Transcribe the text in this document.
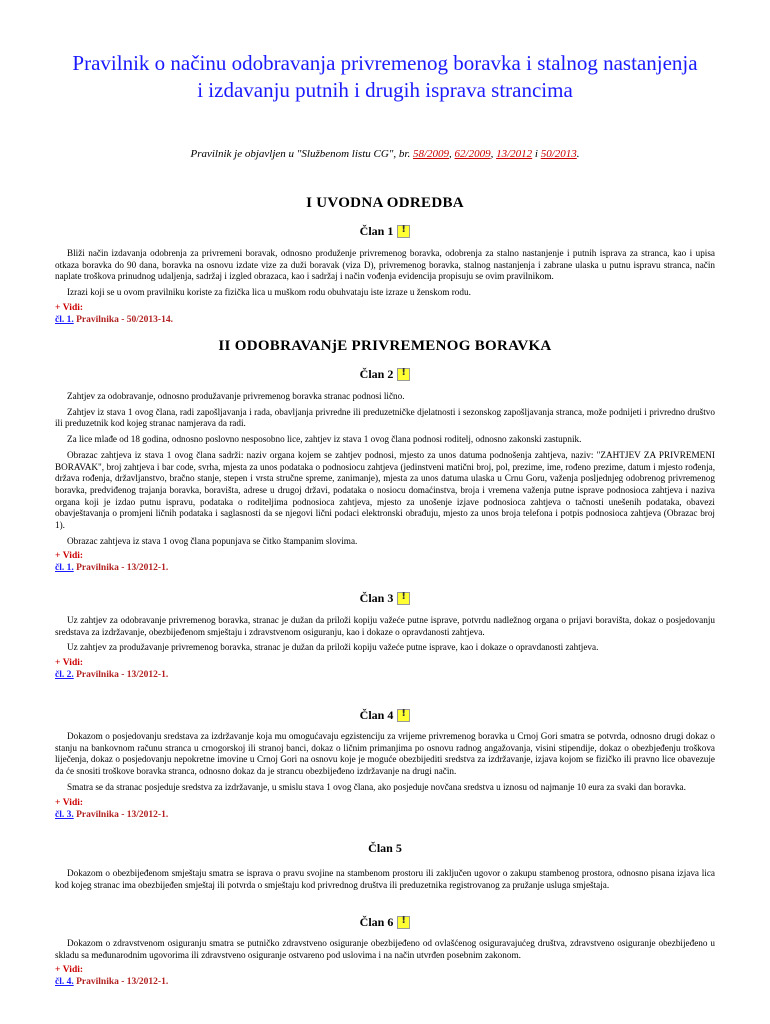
Pravilnik o načinu odobravanja privremenog boravka i stalnog nastanjenja
i izdavanju putnih i drugih isprava strancima
Pravilnik je objavljen u "Službenom listu CG", br. 58/2009, 62/2009, 13/2012 i 50/2013.
I UVODNA ODREDBA
Član 1
!

Bliži način izdavanja odobrenja za privremeni boravak, odnosno produženje privremenog boravka, odobrenja za stalno nastanjenje i putnih isprava za stranca, kao i upisa otkaza boravka do 90 dana, boravka na osnovu izdate vize za duži boravak (viza D), privremenog boravka, stalnog nastanjenja i zabrane ulaska u putnu ispravu stranca, način naplate troškova prinudnog udaljenja, sadržaj i izgled obrazaca, kao i sadržaj i način vođenja evidencija propisuju se ovim pravilnikom.

Izrazi koji se u ovom pravilniku koriste za fizička lica u muškom rodu obuhvataju iste izraze u ženskom rodu.

+ Vidi:
čl. 1. Pravilnika - 50/2013-14.
II ODOBRAVANjE PRIVREMENOG BORAVKA
Član 2
!

Zahtjev za odobravanje, odnosno produžavanje privremenog boravka stranac podnosi lično.

Zahtjev iz stava 1 ovog člana, radi zapošljavanja i rada, obavljanja privredne ili preduzetničke djelatnosti i sezonskog zapošljavanja stranca, može podnijeti i privredno društvo ili preduzetnik kod kojeg stranac namjerava da radi.

Za lice mlađe od 18 godina, odnosno poslovno nesposobno lice, zahtjev iz stava 1 ovog člana podnosi roditelj, odnosno zakonski zastupnik.

Obrazac zahtjeva iz stava 1 ovog člana sadrži: naziv organa kojem se zahtjev podnosi, mjesto za unos datuma podnošenja zahtjeva, naziv: "ZAHTJEV ZA PRIVREMENI BORAVAK", broj zahtjeva i bar code, svrha, mjesta za unos podataka o podnosiocu zahtjeva (jedinstveni matični broj, pol, prezime, ime, rođeno prezime, datum i mjesto rođenja, država rođenja, državljanstvo, bračno stanje, stepen i vrsta stručne spreme, zanimanje), mjesta za unos datuma ulaska u Crnu Goru, važenja posljednjeg odobrenog privremenog boravka, predviđenog trajanja boravka, boravišta, adrese u drugoj državi, podataka o nosiocu domaćinstva, broja i vremena važenja putne isprave podnosioca zahtjeva i naziva organa koji je izdao putnu ispravu, podataka o roditeljima podnosioca zahtjeva, mjesto za unošenje izjave podnosioca zahtjeva o tačnosti unešenih podataka, obavezi obavještavanja o promjeni ličnih podataka i saglasnosti da se njegovi lični podaci elektronski obrađuju, mjesto za unos broja telefona i potpis podnosioca zahtjeva (Obrazac broj 1).

Obrazac zahtjeva iz stava 1 ovog člana popunjava se čitko štampanim slovima.

+ Vidi:
čl. 1. Pravilnika - 13/2012-1.
Član 3
!

Uz zahtjev za odobravanje privremenog boravka, stranac je dužan da priloži kopiju važeće putne isprave, potvrdu nadležnog organa o prijavi boravišta, dokaz o posjedovanju sredstava za izdržavanje, obezbijeđenom smještaju i zdravstvenom osiguranju, kao i dokaze o opravdanosti zahtjeva.

Uz zahtjev za produžavanje privremenog boravka, stranac je dužan da priloži kopiju važeće putne isprave, kao i dokaze o opravdanosti zahtjeva.

+ Vidi:
čl. 2. Pravilnika - 13/2012-1.
Član 4
!

Dokazom o posjedovanju sredstava za izdržavanje koja mu omogućavaju egzistenciju za vrijeme privremenog boravka u Crnoj Gori smatra se potvrda, odnosno drugi dokaz o stanju na bankovnom računu stranca u crnogorskoj ili stranoj banci, dokaz o ličnim primanjima po osnovu radnog angažovanja, visini stipendije, dokaz o obezbjeđenju troškova liječenja, dokaz o posjedovanju nepokretne imovine u Crnoj Gori na osnovu koje je moguće obezbijediti sredstva za izdržavanje, izjava kojom se fizičko ili pravno lice obavezuje da će snositi troškove boravka stranca, odnosno dokaz da je strancu obezbijeđeno izdržavanje na drugi način.

Smatra se da stranac posjeduje sredstva za izdržavanje, u smislu stava 1 ovog člana, ako posjeduje novčana sredstva u iznosu od najmanje 10 eura za svaki dan boravka.

+ Vidi:
čl. 3. Pravilnika - 13/2012-1.
Član 5

Dokazom o obezbijeđenom smještaju smatra se isprava o pravu svojine na stambenom prostoru ili zaključen ugovor o zakupu stambenog prostora, odnosno pisana izjava lica kod kojeg stranac ima obezbijeđen smještaj ili potvrda o smještaju kod privrednog društva ili preduzetnika registrovanog za pružanje usluga smještaja.

Član 6
!

Dokazom o zdravstvenom osiguranju smatra se putničko zdravstveno osiguranje obezbijeđeno od ovlašćenog osiguravajućeg društva, zdravstveno osiguranje obezbijeđeno u skladu sa međunarodnim ugovorima ili zdravstveno osiguranje ostvareno pod uslovima i na način utvrđen posebnim zakonom.

+ Vidi:
čl. 4. Pravilnika - 13/2012-1.
